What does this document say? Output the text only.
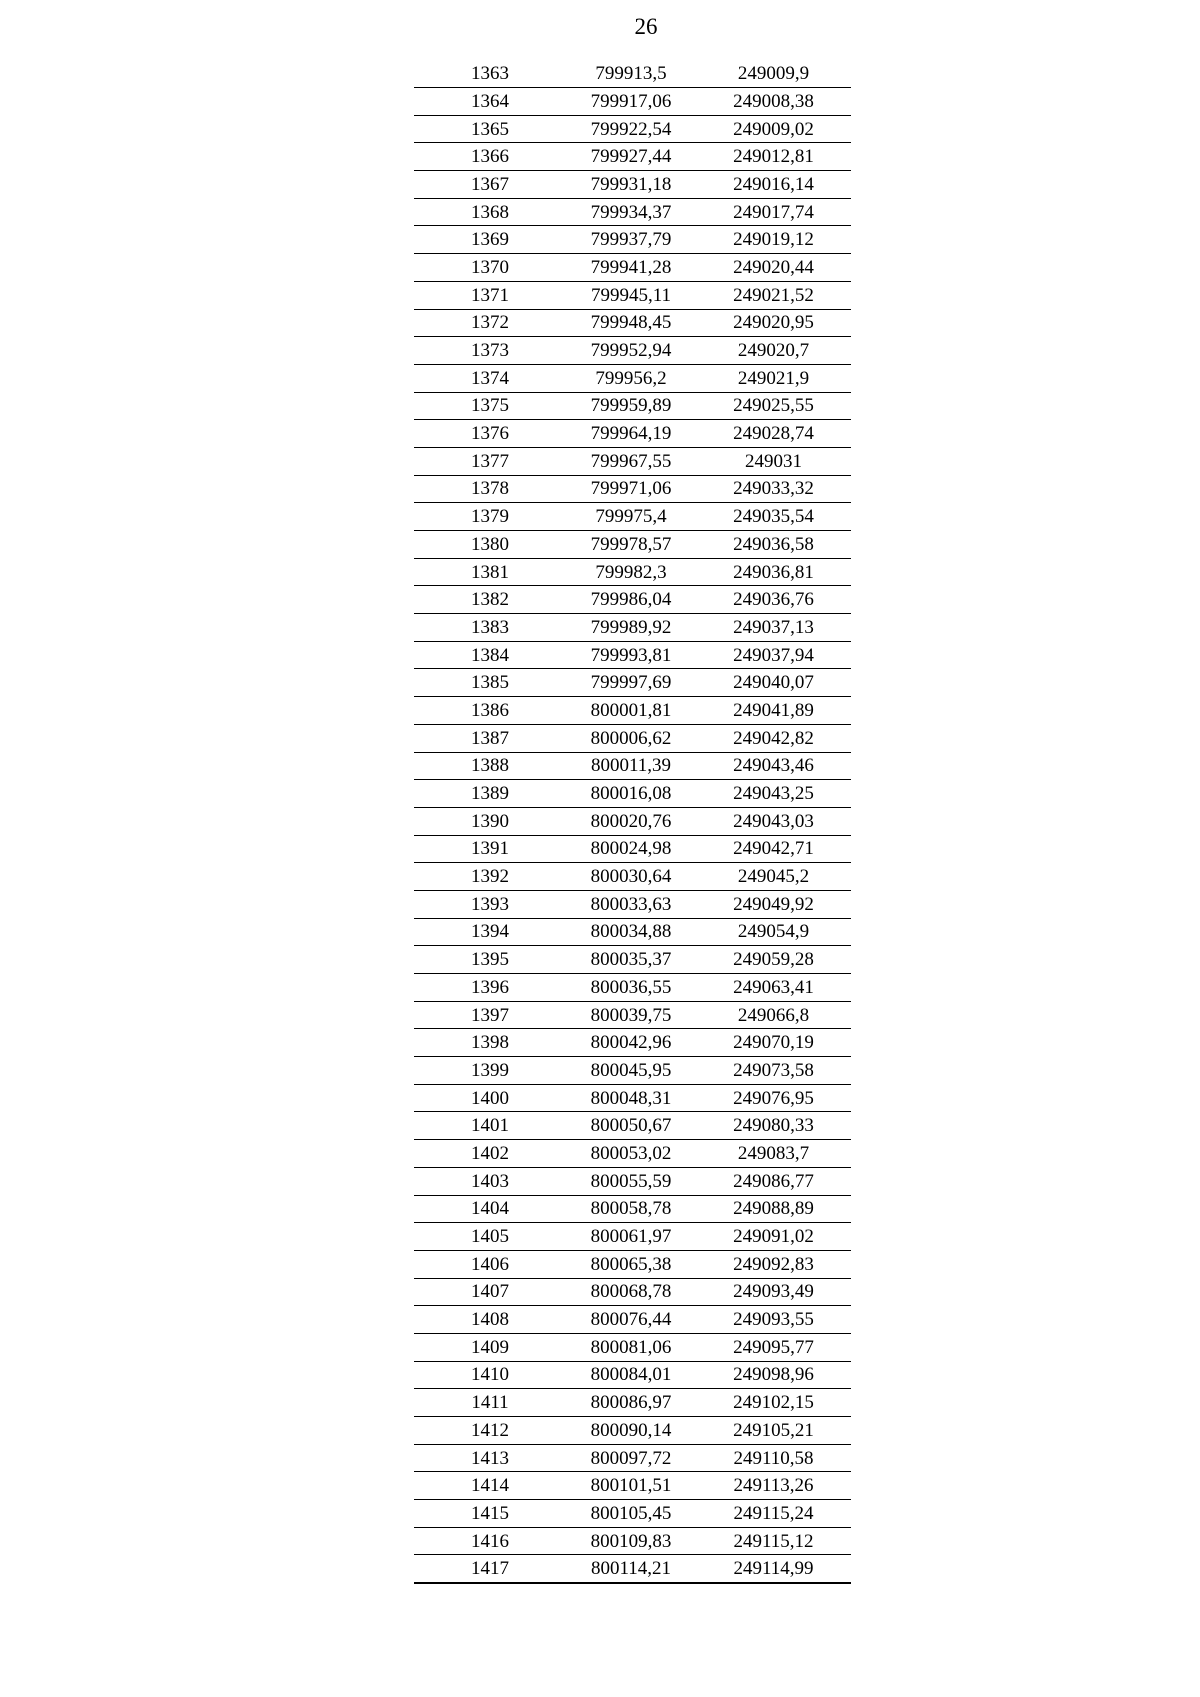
26
1363	799913,5	249009,9
1364	799917,06	249008,38
1365	799922,54	249009,02
1366	799927,44	249012,81
1367	799931,18	249016,14
1368	799934,37	249017,74
1369	799937,79	249019,12
1370	799941,28	249020,44
1371	799945,11	249021,52
1372	799948,45	249020,95
1373	799952,94	249020,7
1374	799956,2	249021,9
1375	799959,89	249025,55
1376	799964,19	249028,74
1377	799967,55	249031
1378	799971,06	249033,32
1379	799975,4	249035,54
1380	799978,57	249036,58
1381	799982,3	249036,81
1382	799986,04	249036,76
1383	799989,92	249037,13
1384	799993,81	249037,94
1385	799997,69	249040,07
1386	800001,81	249041,89
1387	800006,62	249042,82
1388	800011,39	249043,46
1389	800016,08	249043,25
1390	800020,76	249043,03
1391	800024,98	249042,71
1392	800030,64	249045,2
1393	800033,63	249049,92
1394	800034,88	249054,9
1395	800035,37	249059,28
1396	800036,55	249063,41
1397	800039,75	249066,8
1398	800042,96	249070,19
1399	800045,95	249073,58
1400	800048,31	249076,95
1401	800050,67	249080,33
1402	800053,02	249083,7
1403	800055,59	249086,77
1404	800058,78	249088,89
1405	800061,97	249091,02
1406	800065,38	249092,83
1407	800068,78	249093,49
1408	800076,44	249093,55
1409	800081,06	249095,77
1410	800084,01	249098,96
1411	800086,97	249102,15
1412	800090,14	249105,21
1413	800097,72	249110,58
1414	800101,51	249113,26
1415	800105,45	249115,24
1416	800109,83	249115,12
1417	800114,21	249114,99
